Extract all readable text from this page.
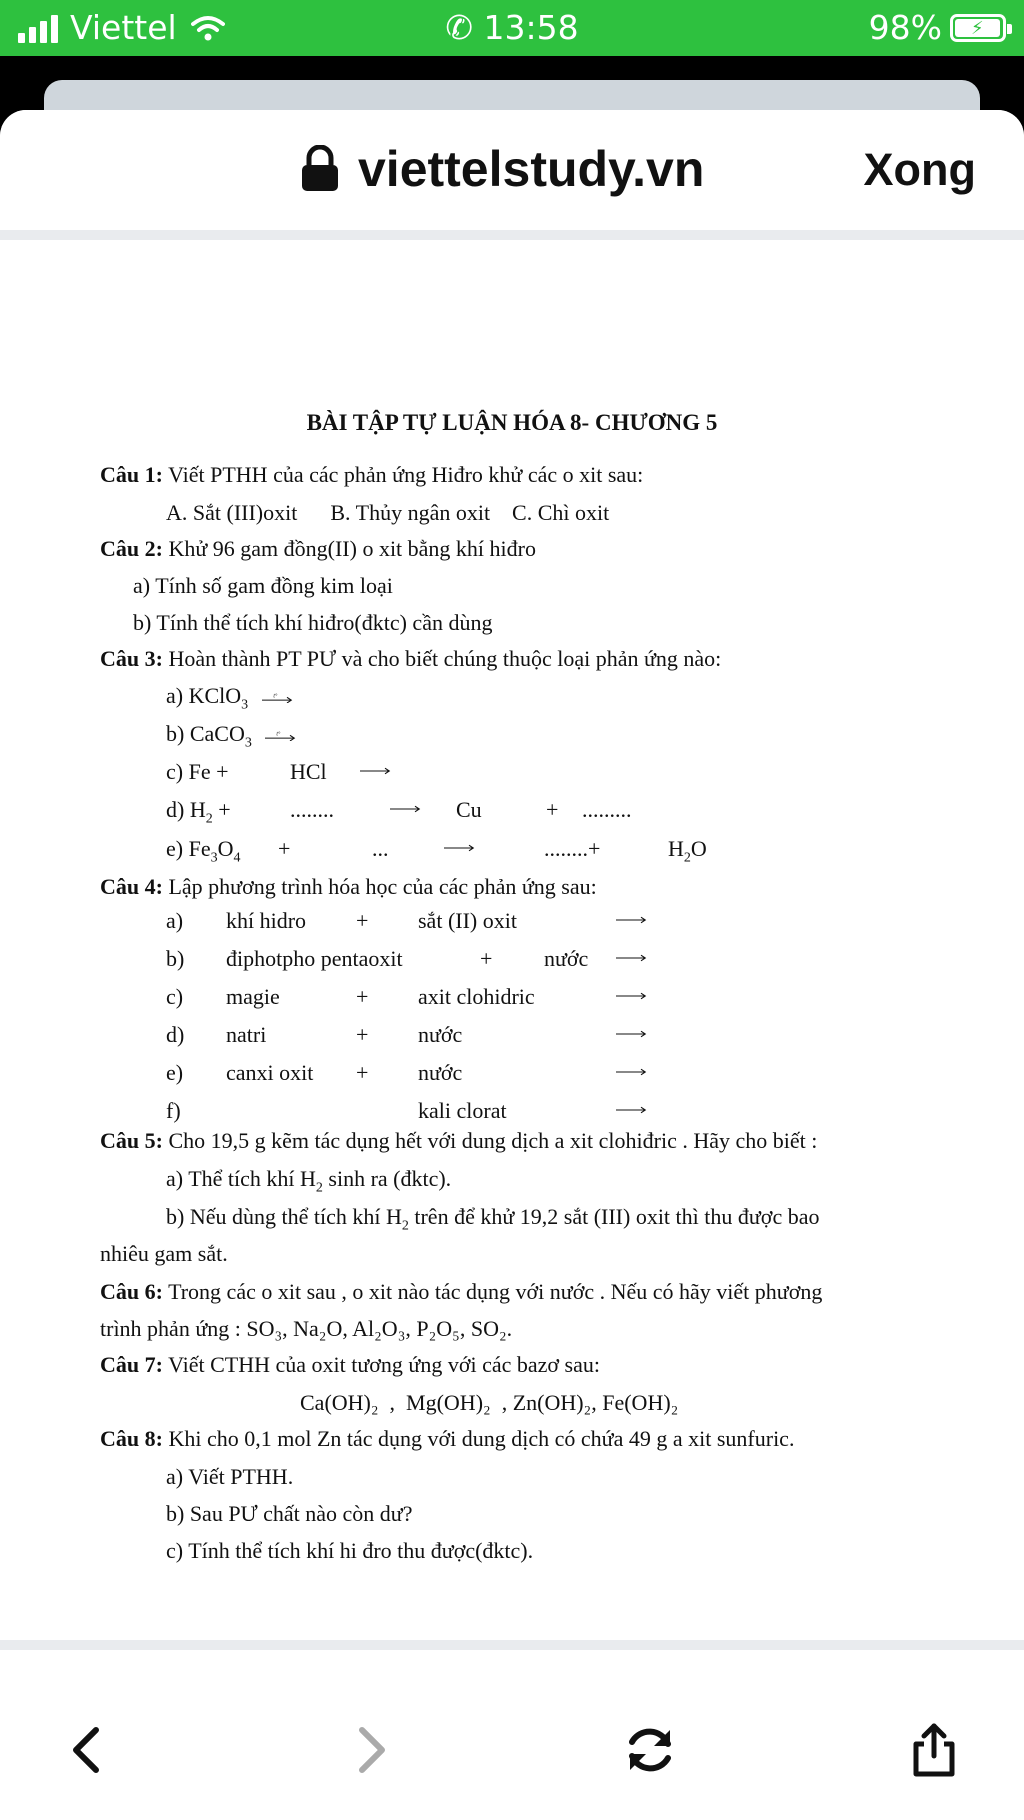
Viettel	✆ 13:58	98% ⚡
viettelstudy.vn	Xong
BÀI TẬP TỰ LUẬN HÓA 8- CHƯƠNG 5
Câu 1: Viết PTHH của các phản ứng Hiđro khử các o xit sau:
A. Sắt (III)oxit      B. Thủy ngân oxit    C. Chì oxit
Câu 2: Khử 96 gam đồng(II) o xit bằng khí hiđro
a) Tính số gam đồng kim loại
b) Tính thể tích khí hiđro(đktc) cần dùng
Câu 3: Hoàn thành PT PƯ và cho biết chúng thuộc loại phản ứng nào:
a) KClO$_3$
t°
b) CaCO$_3$
t°
c) Fe +	HCl
d) $H_2$ +	........	Cu	+ .........
e) $Fe_3O_4$ +	...	........+	$H_2O$
Câu 4: Lập phương trình hóa học của các phản ứng sau:
a) khí hidro + sắt (II) oxit
b) điphotpho pentaoxit	+ nước
c) magie	+ axit clohidric
d) natri	+ nước
e) canxi oxit + nước
f)	kali clorat
Câu 5: Cho 19,5 g kẽm tác dụng hết với dung dịch a xit clohiđric . Hãy cho biết :
a) Thể tích khí $H_2$ sinh ra (đktc).
b) Nếu dùng thể tích khí $H_2$ trên để khử 19,2 sắt (III) oxit thì thu được bao
nhiêu gam sắt.
Câu 6: Trong các o xit sau , o xit nào tác dụng với nước . Nếu có hãy viết phương
trình phản ứng : SO₃, Na₂O, Al₂O₃, P₂O₅, SO₂.
Câu 7: Viết CTHH của oxit tương ứng với các bazơ sau:
Ca(OH)₂  ,  Mg(OH)₂  , Zn(OH)₂, Fe(OH)₂
Câu 8: Khi cho 0,1 mol Zn tác dụng với dung dịch có chứa 49 g a xit sunfuric.
a) Viết PTHH.
b) Sau PƯ chất nào còn dư?
c) Tính thể tích khí hi đro thu được(đktc).
